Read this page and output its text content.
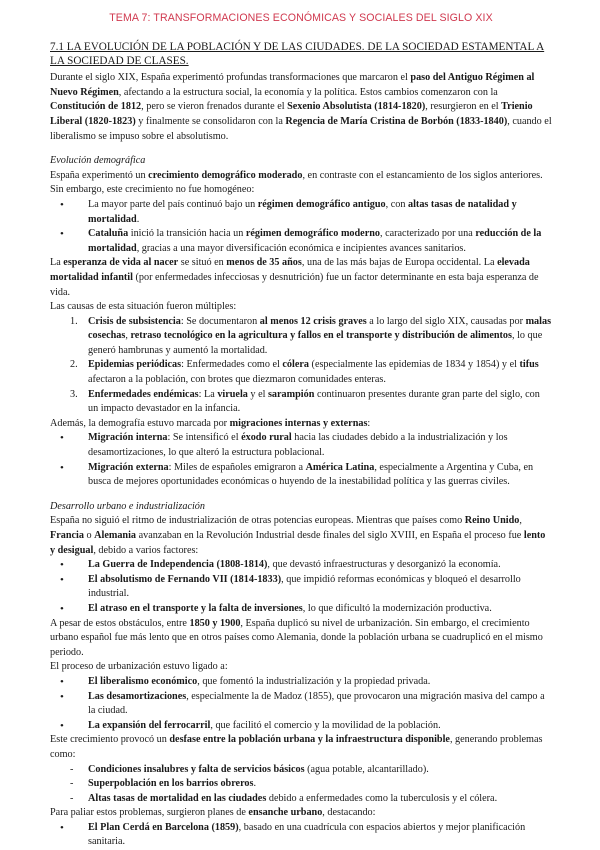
TEMA 7: TRANSFORMACIONES ECONÓMICAS Y SOCIALES DEL SIGLO XIX
7.1 LA EVOLUCIÓN DE LA POBLACIÓN Y DE LAS CIUDADES. DE LA SOCIEDAD ESTAMENTAL A LA SOCIEDAD DE CLASES.

Durante el siglo XIX, España experimentó profundas transformaciones que marcaron el paso del Antiguo Régimen al Nuevo Régimen, afectando a la estructura social, la economía y la política. Estos cambios comenzaron con la Constitución de 1812, pero se vieron frenados durante el Sexenio Absolutista (1814-1820), resurgieron en el Trienio Liberal (1820-1823) y finalmente se consolidaron con la Regencia de María Cristina de Borbón (1833-1840), cuando el liberalismo se impuso sobre el absolutismo.

Evolución demográfica

España experimentó un crecimiento demográfico moderado, en contraste con el estancamiento de los siglos anteriores. Sin embargo, este crecimiento no fue homogéneo:

• La mayor parte del país continuó bajo un régimen demográfico antiguo, con altas tasas de natalidad y mortalidad.
• Cataluña inició la transición hacia un régimen demográfico moderno, caracterizado por una reducción de la mortalidad, gracias a una mayor diversificación económica e incipientes avances sanitarios.

La esperanza de vida al nacer se situó en menos de 35 años, una de las más bajas de Europa occidental. La elevada mortalidad infantil (por enfermedades infecciosas y desnutrición) fue un factor determinante en esta baja esperanza de vida.

Las causas de esta situación fueron múltiples:

1. Crisis de subsistencia: Se documentaron al menos 12 crisis graves a lo largo del siglo XIX, causadas por malas cosechas, retraso tecnológico en la agricultura y fallos en el transporte y distribución de alimentos, lo que generó hambrunas y aumentó la mortalidad.
2. Epidemias periódicas: Enfermedades como el cólera (especialmente las epidemias de 1834 y 1854) y el tifus afectaron a la población, con brotes que diezmaron comunidades enteras.
3. Enfermedades endémicas: La viruela y el sarampión continuaron presentes durante gran parte del siglo, con un impacto devastador en la infancia.

Además, la demografía estuvo marcada por migraciones internas y externas:

• Migración interna: Se intensificó el éxodo rural hacia las ciudades debido a la industrialización y los desamortizaciones, lo que alteró la estructura poblacional.
• Migración externa: Miles de españoles emigraron a América Latina, especialmente a Argentina y Cuba, en busca de mejores oportunidades económicas o huyendo de la inestabilidad política y las guerras civiles.

Desarrollo urbano e industrialización

España no siguió el ritmo de industrialización de otras potencias europeas. Mientras que países como Reino Unido, Francia o Alemania avanzaban en la Revolución Industrial desde finales del siglo XVIII, en España el proceso fue lento y desigual, debido a varios factores:

• La Guerra de Independencia (1808-1814), que devastó infraestructuras y desorganizó la economía.
• El absolutismo de Fernando VII (1814-1833), que impidió reformas económicas y bloqueó el desarrollo industrial.
• El atraso en el transporte y la falta de inversiones, lo que dificultó la modernización productiva.

A pesar de estos obstáculos, entre 1850 y 1900, España duplicó su nivel de urbanización. Sin embargo, el crecimiento urbano español fue más lento que en otros países como Alemania, donde la población urbana se cuadruplicó en el mismo periodo.

El proceso de urbanización estuvo ligado a:

• El liberalismo económico, que fomentó la industrialización y la propiedad privada.
• Las desamortizaciones, especialmente la de Madoz (1855), que provocaron una migración masiva del campo a la ciudad.
• La expansión del ferrocarril, que facilitó el comercio y la movilidad de la población.

Este crecimiento provocó un desfase entre la población urbana y la infraestructura disponible, generando problemas como:

- Condiciones insalubres y falta de servicios básicos (agua potable, alcantarillado).
- Superpoblación en los barrios obreros.
- Altas tasas de mortalidad en las ciudades debido a enfermedades como la tuberculosis y el cólera.

Para paliar estos problemas, surgieron planes de ensanche urbano, destacando:

• El Plan Cerdá en Barcelona (1859), basado en una cuadrícula con espacios abiertos y mejor planificación sanitaria.
